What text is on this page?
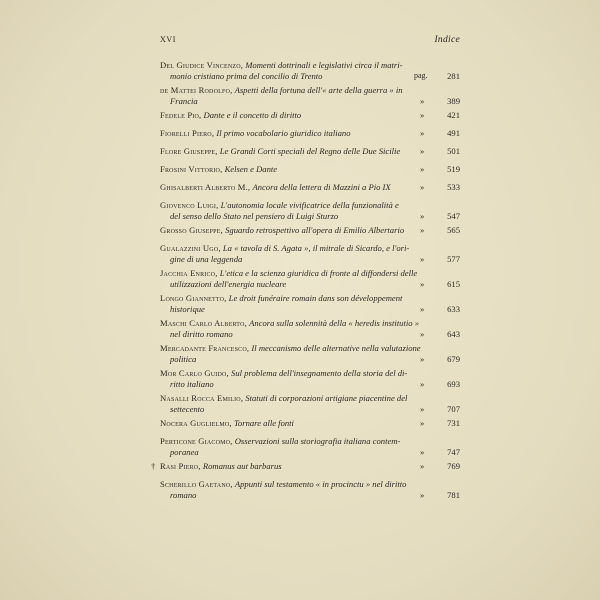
XVI	Indice
Del Giudice Vincenzo, Momenti dottrinali e legislativi circa il matri-
monio cristiano prima del concilio di Trento	pag. 281
de Mattei Rodolfo, Aspetti della fortuna dell'« arte della guerra » in
Francia	»	389
Fedele Pio, Dante e il concetto di diritto	»	421
Fiorelli Piero, Il primo vocabolario giuridico italiano	»	491
Flore Giuseppe, Le Grandi Corti speciali del Regno delle Due Sicilie »	501
Frosini Vittorio, Kelsen e Dante	»	519
Ghisalberti Alberto M., Ancora della lettera di Mazzini a Pio IX	»	533
Giovenco Luigi, L'autonomia locale vivificatrice della funzionalità e
del senso dello Stato nel pensiero di Luigi Sturzo	»	547
Grosso Giuseppe, Sguardo retrospettivo all'opera di Emilio Albertario »	565
Gualazzini Ugo, La « tavola di S. Agata », il mitrale di Sicardo, e l'ori-
gine di una leggenda	»	577
Jacchia Enrico, L'etica e la scienza giuridica di fronte al diffondersi delle
utilizzazioni dell'energia nucleare	»	615
Longo Giannetto, Le droit funéraire romain dans son développement
historique	»	633
Maschi Carlo Alberto, Ancora sulla solennità della « heredis institutio »
nel diritto romano	»	643
Mercadante Francesco, Il meccanismo delle alternative nella valutazione
politica	»	679
Mor Carlo Guido, Sul problema dell'insegnamento della storia del di-
ritto italiano	»	693
Nasalli Rocca Emilio, Statuti di corporazioni artigiane piacentine del
settecento	»	707
Nocera Guglielmo, Tornare alle fonti	»	731
Perticone Giacomo, Osservazioni sulla storiografia italiana contem-
poranea	»	747
† Rasi Piero, Romanus aut barbarus	»	769
Scherillo Gaetano, Appunti sul testamento « in procinctu » nel diritto
romano	»	781
